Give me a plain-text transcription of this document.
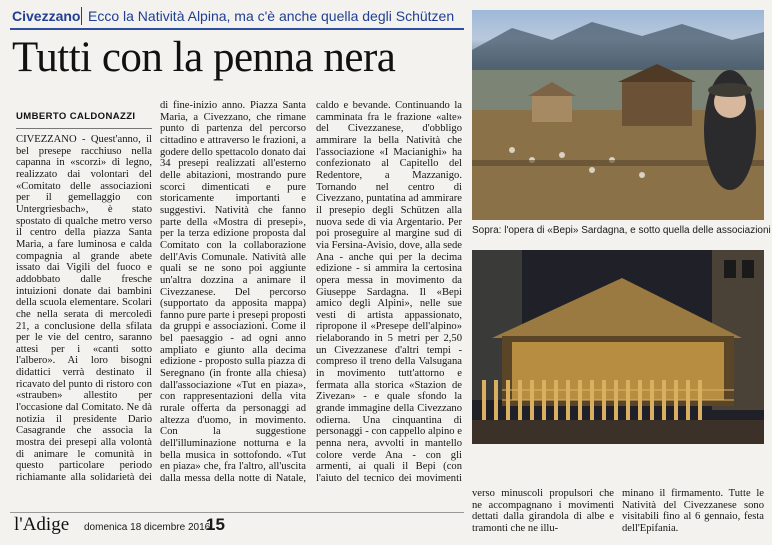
Civezzano Ecco la Natività Alpina, ma c'è anche quella degli Schützen
Tutti con la penna nera
UMBERTO CALDONAZZI

CIVEZZANO - Quest'anno, il bel presepe racchiuso nella capanna in «scorzi» di legno, realizzato dai volontari del «Comitato delle associazioni per il gemellaggio con Untergriesbach», è stato spostato di qualche metro verso il centro della piazza Santa Maria, a fare luminosa e calda compagnia al grande abete issato dai Vigili del fuoco e addobbato dalle fresche intuizioni donate dai bambini della scuola elementare. Scolari che nella serata di mercoledì 21, a conclusione della sfilata per le vie del centro, saranno attesi per i «canti sotto l'albero». Ai loro bisogni didattici verrà destinato il ricavato del punto di ristoro con «strauben» allestito per l'occasione dal Comitato. Ne dà notizia il presidente Dario Casagrande che associa la mostra dei presepi alla volontà di animare le comunità in questo particolare periodo richiamante alla solidarietà dei

di fine-inizio anno. Piazza Santa Maria, a Civezzano, che rimane punto di partenza del percorso cittadino e attraverso le frazioni, a godere dello spettacolo donato dai 34 presepi realizzati all'esterno delle abitazioni, mostrando pure scorci dimenticati e pure storicamente importanti e suggestivi. Natività che fanno parte della «Mostra di presepi», per la terza edizione proposta dal Comitato con la collaborazione dell'Avis Comunale. Natività alle quali se ne sono poi aggiunte un'altra dozzina a animare il Civezzanese. Del percorso (supportato da apposita mappa) fanno pure parte i presepi proposti da gruppi e associazioni. Come il bel paesaggio - ad ogni anno ampliato e giunto alla decima edizione - proposto sulla piazza di Seregnano (in fronte alla chiesa) dall'associazione «Tut en piaza», con rappresentazioni della vita rurale offerta da personaggi ad altezza d'uomo, in movimento. Con la suggestione dell'illuminazione notturna e la bella musica in sottofondo. «Tut en piaza» che, fra l'altro, all'uscita dalla messa della notte di Natale,

caldo e bevande. Continuando la camminata fra le frazione «alte» del Civezzanese, d'obbligo ammirare la bella Natività che l'associazione «I Macianighi» ha confezionato al Capitello del Redentore, a Mazzanigo. Tornando nel centro di Civezzano, puntatina ad ammirare il presepio degli Schützen alla nuova sede di via Argentario. Per poi proseguire al margine sud di via Fersina-Avisio, dove, alla sede Ana - anche qui per la decima edizione - si ammira la certosina opera messa in movimento da Giuseppe Sardagna. Il «Bepi amico degli Alpini», nelle sue vesti di artista appassionato, ripropone il «Presepe dell'alpino» rielaborando in 5 metri per 2,50 un Civezzanese d'altri tempi - compreso il treno della Valsugana in movimento tutt'attorno e fermata alla storica «Stazion de Zivezan» - e quale sfondo la grande immagine della Civezzano odierna. Una cinquantina di personaggi - con cappello alpino e penna nera, avvolti in mantello colore verde Ana - con gli armenti, ai quali il Bepi (con l'aiuto del tecnico dei movimenti

verso minuscoli propulsori che ne accompagnano i movimenti dettati dalla girandola di albe e tramonti che ne illu-

minano il firmamento. Tutte le Natività del Civezzanese sono visitabili fino al 6 gennaio, festa dell'Epifania.

Sopra: l'opera di «Bepi» Sardagna, e sotto quella delle associazioni
l'Adige domenica 18 dicembre 2016
15
